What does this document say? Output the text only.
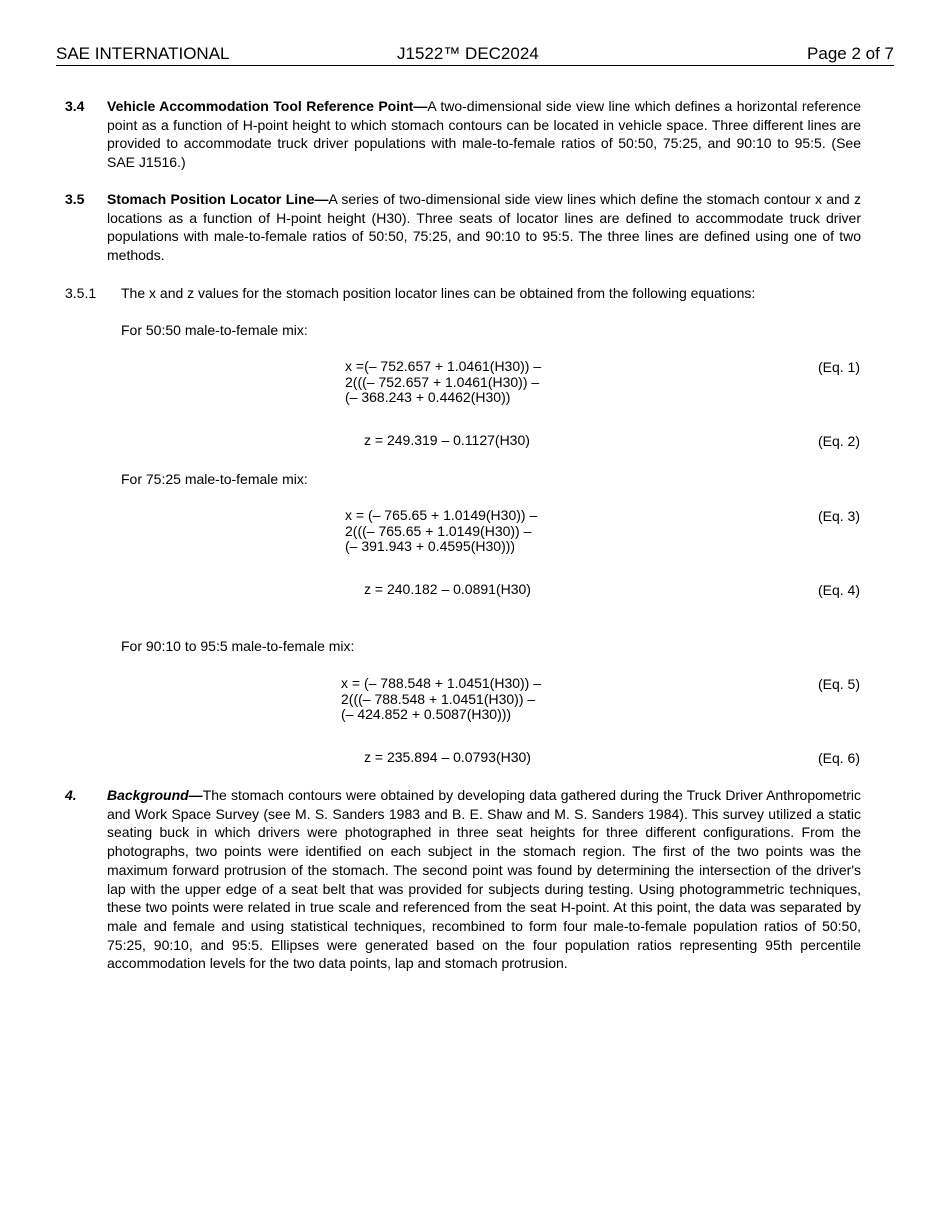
SAE INTERNATIONAL	J1522™ DEC2024	Page 2 of 7
3.4 Vehicle Accommodation Tool Reference Point—A two-dimensional side view line which defines a horizontal reference point as a function of H-point height to which stomach contours can be located in vehicle space. Three different lines are provided to accommodate truck driver populations with male-to-female ratios of 50:50, 75:25, and 90:10 to 95:5. (See SAE J1516.)
3.5 Stomach Position Locator Line—A series of two-dimensional side view lines which define the stomach contour x and z locations as a function of H-point height (H30). Three seats of locator lines are defined to accommodate truck driver populations with male-to-female ratios of 50:50, 75:25, and 90:10 to 95:5. The three lines are defined using one of two methods.
3.5.1 The x and z values for the stomach position locator lines can be obtained from the following equations:
For 50:50 male-to-female mix:
x =(– 752.657 + 1.0461(H30)) –
2(((– 752.657 + 1.0461(H30)) –
(– 368.243 + 0.4462(H30))
(Eq. 1)
z = 249.319 – 0.1127(H30)	(Eq. 2)
For 75:25 male-to-female mix:
x = (– 765.65 + 1.0149(H30)) –
2(((– 765.65 + 1.0149(H30)) –
(– 391.943 + 0.4595(H30)))
(Eq. 3)
z = 240.182 – 0.0891(H30)	(Eq. 4)
For 90:10 to 95:5 male-to-female mix:
x = (– 788.548 + 1.0451(H30)) –
2(((– 788.548 + 1.0451(H30)) –
(– 424.852 + 0.5087(H30)))
(Eq. 5)
z = 235.894 – 0.0793(H30)	(Eq. 6)
4. Background—The stomach contours were obtained by developing data gathered during the Truck Driver Anthropometric and Work Space Survey (see M. S. Sanders 1983 and B. E. Shaw and M. S. Sanders 1984). This survey utilized a static seating buck in which drivers were photographed in three seat heights for three different configurations. From the photographs, two points were identified on each subject in the stomach region. The first of the two points was the maximum forward protrusion of the stomach. The second point was found by determining the intersection of the driver's lap with the upper edge of a seat belt that was provided for subjects during testing. Using photogrammetric techniques, these two points were related in true scale and referenced from the seat H-point. At this point, the data was separated by male and female and using statistical techniques, recombined to form four male-to-female population ratios of 50:50, 75:25, 90:10, and 95:5. Ellipses were generated based on the four population ratios representing 95th percentile accommodation levels for the two data points, lap and stomach protrusion.
